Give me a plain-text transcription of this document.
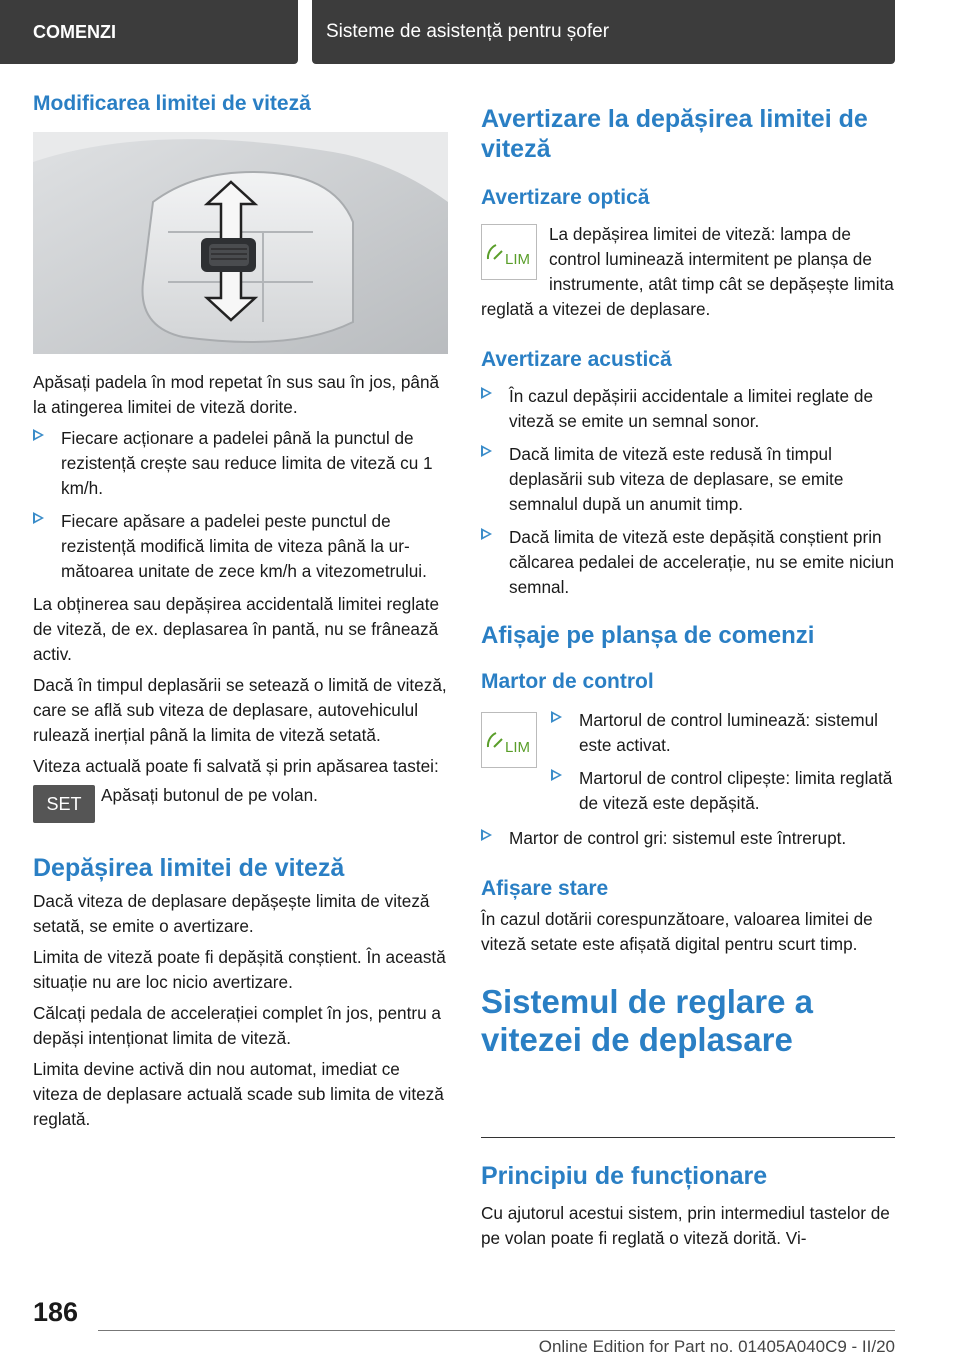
COMENZI	Sisteme de asistență pentru șofer
Modificarea limitei de viteză

Apăsați padela în mod repetat în sus sau în jos, până la atingerea limitei de viteză dorite.

Fiecare acționare a padelei până la punctul de rezistență crește sau reduce limita de viteză cu 1 km/h.
Fiecare apăsare a padelei peste punctul de rezistență modifică limita de viteza până la următoarea unitate de zece km/h a vitezometrului.

La obținerea sau depășirea accidentală limitei reglate de viteză, de ex. deplasarea în pantă, nu se frânează activ.

Dacă în timpul deplasării se setează o limită de viteză, care se află sub viteza de deplasare, autovehiculul rulează inerțial până la limita de viteză setată.

Viteza actuală poate fi salvată și prin apăsarea tastei:

SET	Apăsați butonul de pe volan.

Depășirea limitei de viteză

Dacă viteza de deplasare depășește limita de viteză setată, se emite o avertizare.

Limita de viteză poate fi depășită conștient. În această situație nu are loc nicio avertizare.

Călcați pedala de accelerației complet în jos, pentru a depăși intenționat limita de viteză.

Limita devine activă din nou automat, imediat ce viteza de deplasare actuală scade sub limita de viteză reglată.

Avertizare la depășirea limitei de viteză
Avertizare optică
LIM

La depășirea limitei de viteză: lampa de control luminează intermitent pe planșa de instrumente, atât timp cât se depășește limita reglată a vitezei de deplasare.

Avertizare acustică
În cazul depășirii accidentale a limitei reglate de viteză se emite un semnal sonor.
Dacă limita de viteză este redusă în timpul deplasării sub viteza de deplasare, se emite semnalul după un anumit timp.
Dacă limita de viteză este depășită conștient prin călcarea pedalei de accelerație, nu se emite niciun semnal.
Afișaje pe planșa de comenzi
Martor de control
LIM
Martorul de control luminează: sistemul este activat.
Martorul de control clipește: limita reglată de viteză este depășită.
Martor de control gri: sistemul este întrerupt.
Afișare stare

În cazul dotării corespunzătoare, valoarea limitei de viteză setate este afișată digital pentru scurt timp.

Sistemul de reglare a vitezei de deplasare
Principiu de funcționare

Cu ajutorul acestui sistem, prin intermediul tastelor de pe volan poate fi reglată o viteză dorită. Vi-

186
Online Edition for Part no. 01405A040C9 - II/20
